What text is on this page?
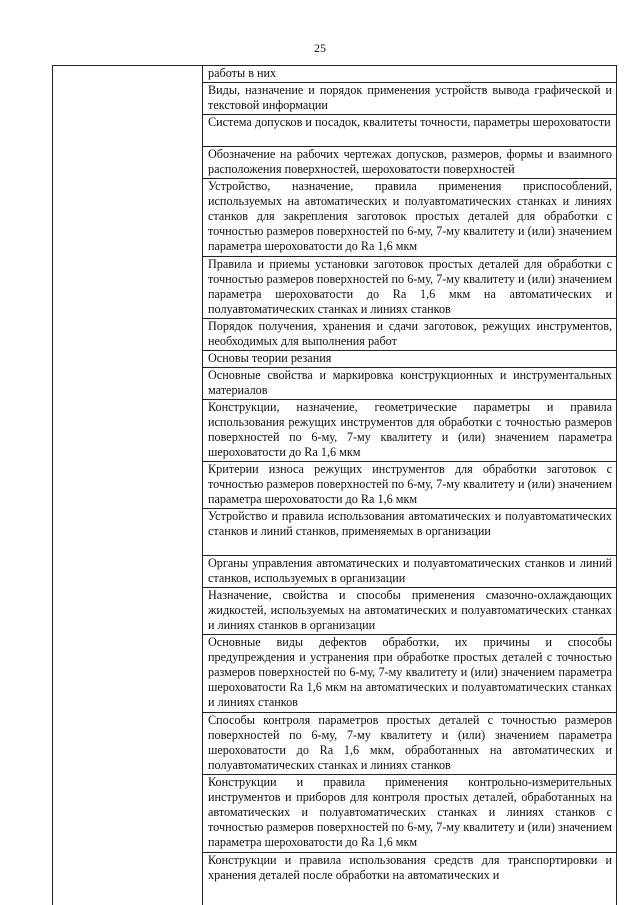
25
работы в них
Виды, назначение и порядок применения устройств вывода графической и текстовой информации
Система допусков и посадок, квалитеты точности, параметры шероховатости
Обозначение на рабочих чертежах допусков, размеров, формы и взаимного расположения поверхностей, шероховатости поверхностей
Устройство, назначение, правила применения приспособлений, используемых на автоматических и полуавтоматических станках и линиях станков для закрепления заготовок простых деталей для обработки с точностью размеров поверхностей по 6-му, 7-му квалитету и (или) значением параметра шероховатости до Ra 1,6 мкм
Правила и приемы установки заготовок простых деталей для обработки с точностью размеров поверхностей по 6-му, 7-му квалитету и (или) значением параметра шероховатости до Ra 1,6 мкм на автоматических и полуавтоматических станках и линиях станков
Порядок получения, хранения и сдачи заготовок, режущих инструментов, необходимых для выполнения работ
Основы теории резания
Основные свойства и маркировка конструкционных и инструментальных материалов
Конструкции, назначение, геометрические параметры и правила использования режущих инструментов для обработки с точностью размеров поверхностей по 6-му, 7-му квалитету и (или) значением параметра шероховатости до Ra 1,6 мкм
Критерии износа режущих инструментов для обработки заготовок с точностью размеров поверхностей по 6-му, 7-му квалитету и (или) значением параметра шероховатости до Ra 1,6 мкм
Устройство и правила использования автоматических и полуавтоматических станков и линий станков, применяемых в организации
Органы управления автоматических и полуавтоматических станков и линий станков, используемых в организации
Назначение, свойства и способы применения смазочно-охлаждающих жидкостей, используемых на автоматических и полуавтоматических станках и линиях станков в организации
Основные виды дефектов обработки, их причины и способы предупреждения и устранения при обработке простых деталей с точностью размеров поверхностей по 6-му, 7-му квалитету и (или) значением параметра шероховатости Ra 1,6 мкм на автоматических и полуавтоматических станках и линиях станков
Способы контроля параметров простых деталей с точностью размеров поверхностей по 6-му, 7-му квалитету и (или) значением параметра шероховатости до Ra 1,6 мкм, обработанных на автоматических и полуавтоматических станках и линиях станков
Конструкции и правила применения контрольно-измерительных инструментов и приборов для контроля простых деталей, обработанных на автоматических и полуавтоматических станках и линиях станков с точностью размеров поверхностей по 6-му, 7-му квалитету и (или) значением параметра шероховатости до Ra 1,6 мкм
Конструкции и правила использования средств для транспортировки и хранения деталей после обработки на автоматических и
